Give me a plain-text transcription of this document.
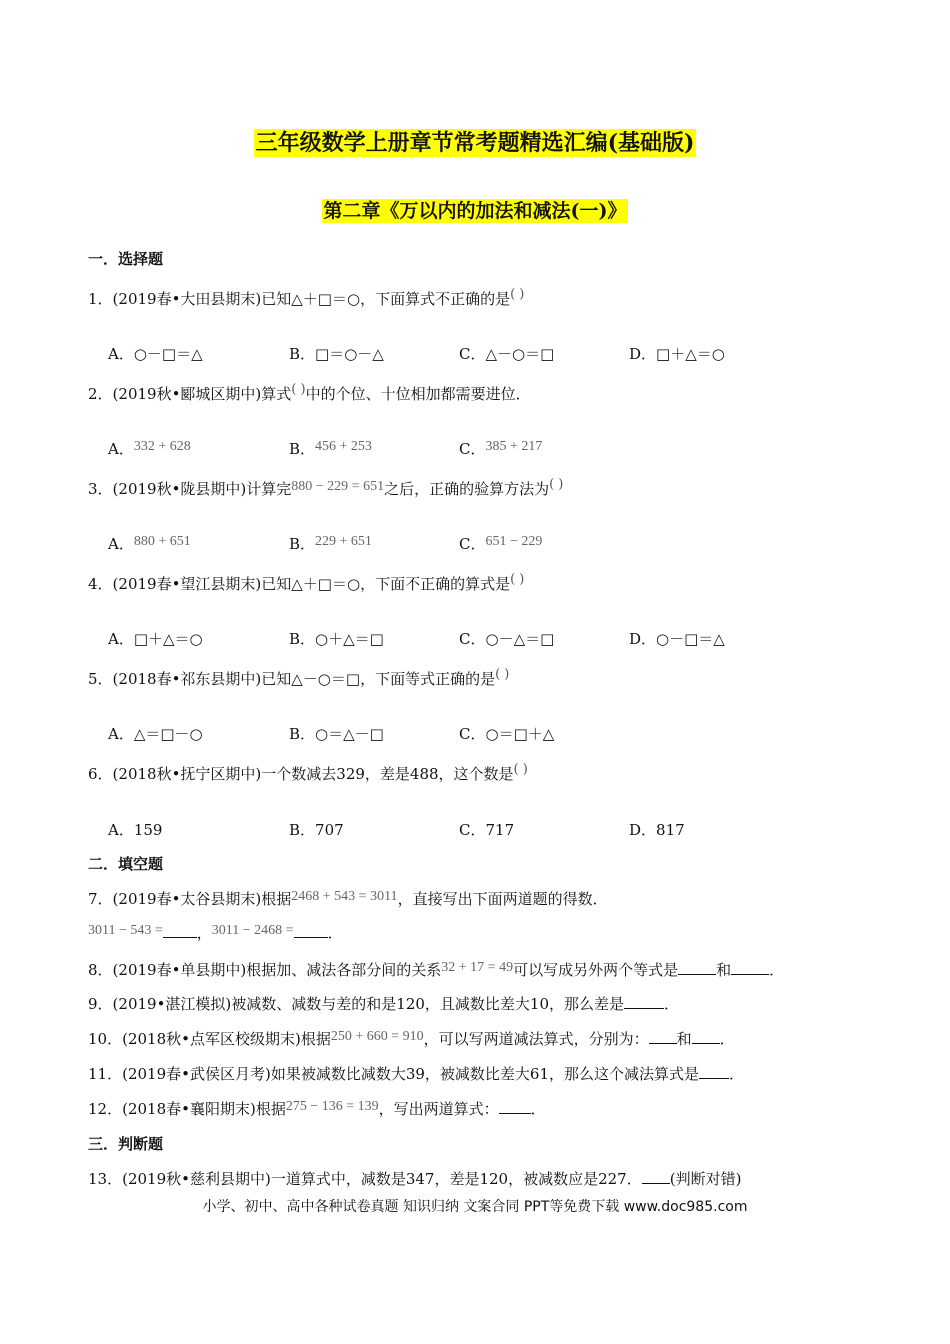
三年级数学上册章节常考题精选汇编(基础版)
第二章《万以内的加法和减法(一)》
一．选择题
1．(2019春•大田县期末)已知△＋□＝○，下面算式不正确的是( )
A．○－□＝△	B．□＝○－△	C．△－○＝□	D．□＋△＝○
2．(2019秋•郾城区期中)算式( )中的个位、十位相加都需要进位．
A．332 + 628	B．456 + 253	C．385 + 217
3．(2019秋•陇县期中)计算完880 − 229 = 651之后，正确的验算方法为( )
A．880 + 651	B．229 + 651	C．651 − 229
4．(2019春•望江县期末)已知△＋□＝○，下面不正确的算式是( )
A．□＋△＝○	B．○＋△＝□	C．○－△＝□	D．○－□＝△
5．(2018春•祁东县期中)已知△－○＝□，下面等式正确的是( )
A．△＝□－○	B．○＝△－□	C．○＝□＋△
6．(2018秋•抚宁区期中)一个数减去329，差是488，这个数是( )
A．159	B．707	C．717	D．817
二．填空题
7．(2019春•太谷县期末)根据2468 + 543 = 3011，直接写出下面两道题的得数．
3011 − 543 = ，3011 − 2468 = ．
8．(2019春•单县期中)根据加、减法各部分间的关系32 + 17 = 49可以写成另外两个等式是	和	．
9．(2019•湛江模拟)被减数、减数与差的和是120，且减数比差大10，那么差是	．
10．(2018秋•点军区校级期末)根据250 + 660 = 910，可以写两道减法算式，分别为： 和 ．
11．(2019春•武侯区月考)如果被减数比减数大39，被减数比差大61，那么这个减法算式是 ．
12．(2018春•襄阳期末)根据275 − 136 = 139，写出两道算式： ．
三．判断题
13．(2019秋•慈利县期中)一道算式中，减数是347，差是120，被减数应是227． (判断对错)
小学、初中、高中各种试卷真题 知识归纳 文案合同 PPT等免费下载 www.doc985.com
